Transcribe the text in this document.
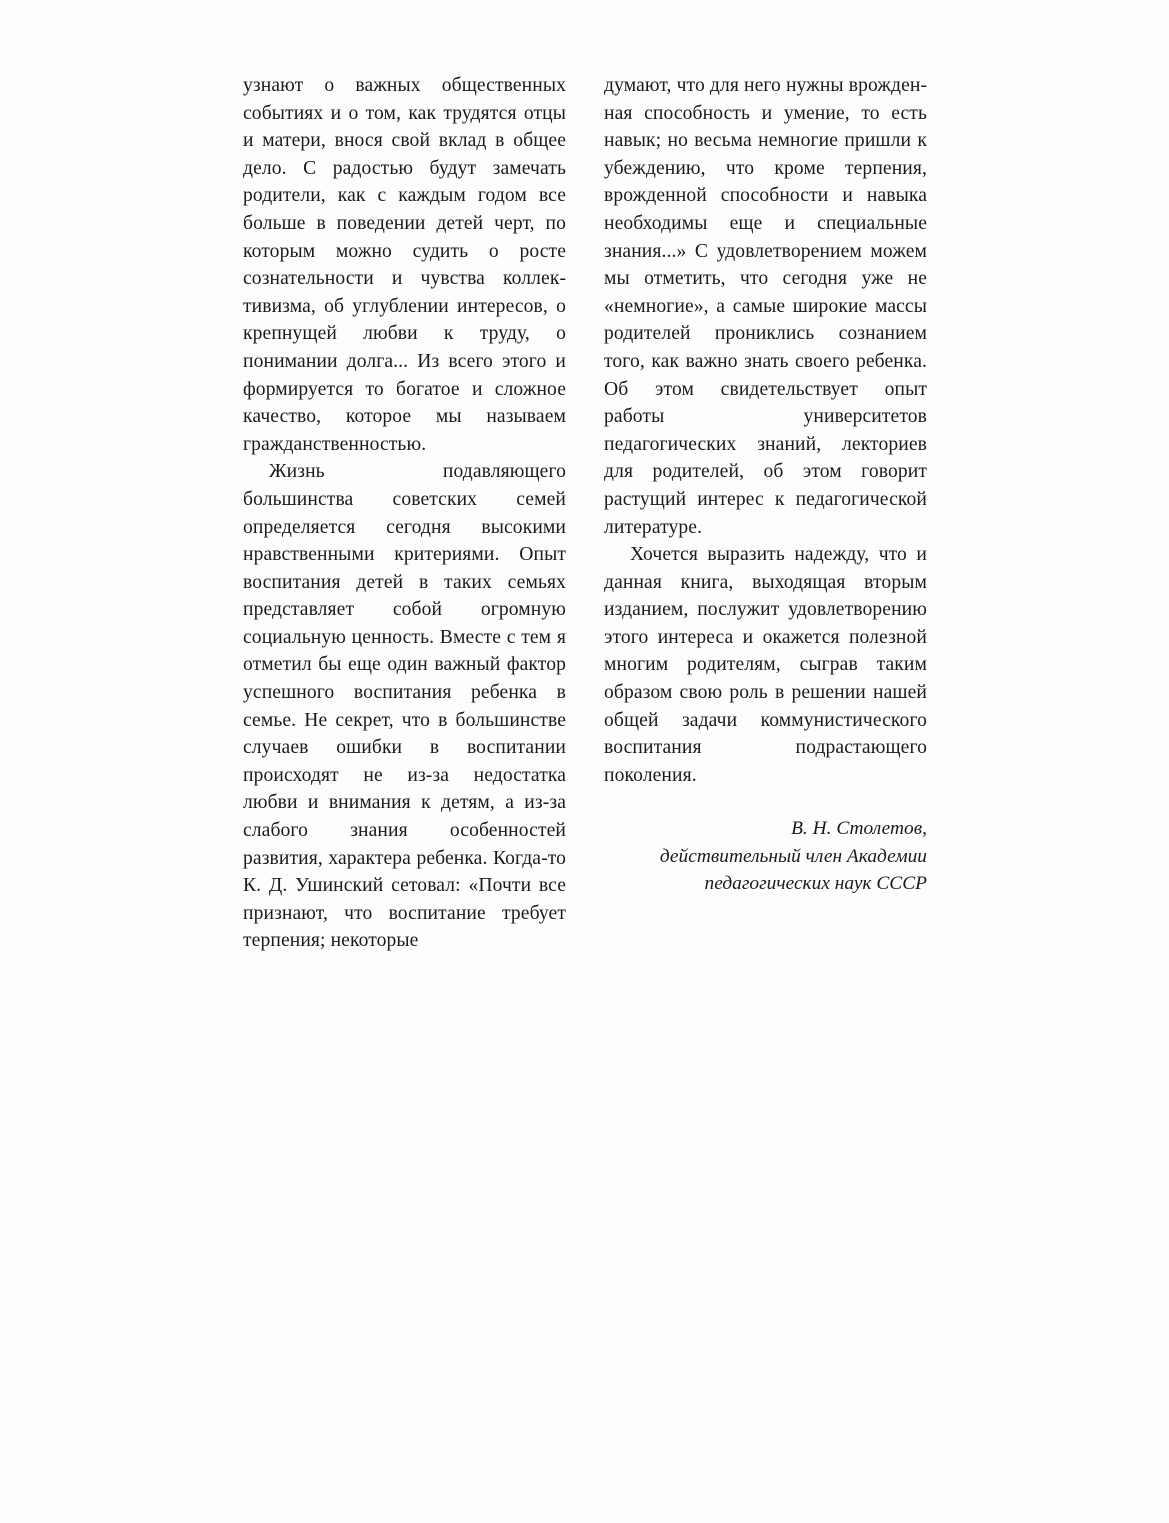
узнают о важных общественных событиях и о том, как трудятся отцы и матери, внося свой вклад в общее дело. С радостью будут замечать родители, как с каждым годом все больше в поведении детей черт, по которым можно судить о росте сознательности и чувства коллективизма, об углублении интересов, о крепнущей любви к труду, о понимании долга... Из всего этого и формируется то богатое и сложное качество, которое мы называем гражданственностью.

Жизнь подавляющего большинства советских семей определяется сегодня высокими нравственными критериями. Опыт воспитания детей в таких семьях представляет собой огромную социальную ценность. Вместе с тем я отметил бы еще один важный фактор успешного воспитания ребенка в семье. Не секрет, что в большинстве случаев ошибки в воспитании происходят не из-за недостатка любви и внимания к детям, а из-за слабого знания особенностей развития, характера ребенка. Когда-то К. Д. Ушинский сетовал: «Почти все признают, что воспитание требует терпения; некоторые

думают, что для него нужны врожденная способность и умение, то есть навык; но весьма немногие пришли к убеждению, что кроме терпения, врожденной способности и навыка необходимы еще и специальные знания...» С удовлетворением можем мы отметить, что сегодня уже не «немногие», а самые широкие массы родителей прониклись сознанием того, как важно знать своего ребенка. Об этом свидетельствует опыт работы университетов педагогических знаний, лекториев для родителей, об этом говорит растущий интерес к педагогической литературе.

Хочется выразить надежду, что и данная книга, выходящая вторым изданием, послужит удовлетворению этого интереса и окажется полезной многим родителям, сыграв таким образом свою роль в решении нашей общей задачи коммунистического воспитания подрастающего поколения.

В. Н. Столетов,
действительный член Академии
педагогических наук СССР
